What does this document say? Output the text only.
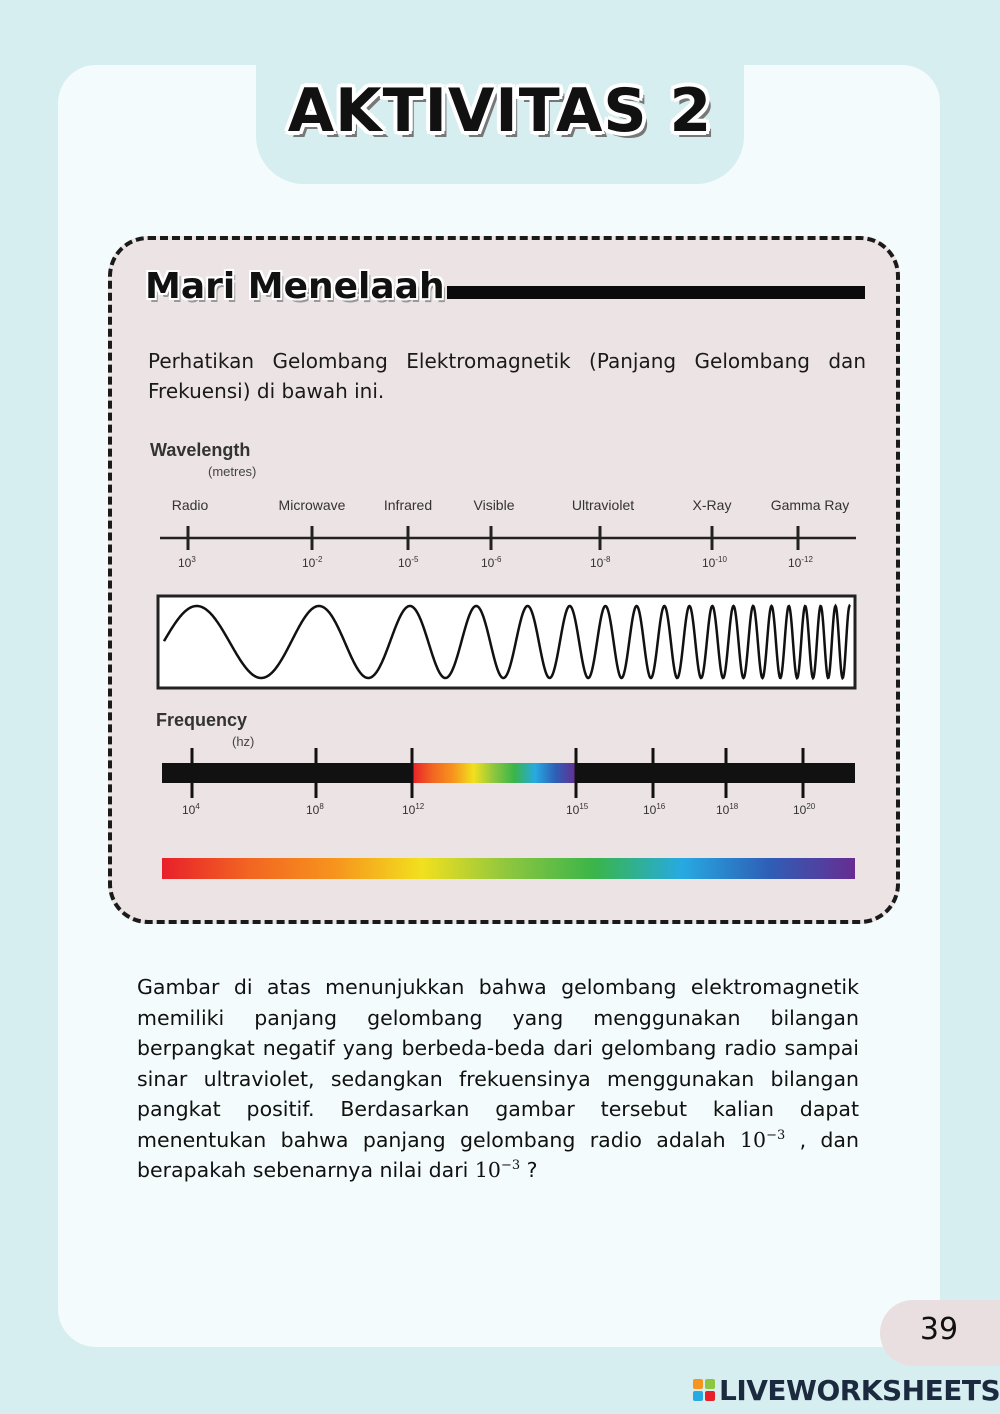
AKTIVITAS 2
Mari Menelaah
Perhatikan Gelombang Elektromagnetik (Panjang Gelombang dan Frekuensi) di bawah ini.
Wavelength
(metres)
Radio	Microwave	Infrared	Visible	Ultraviolet	X-Ray	Gamma Ray
$10^3$	$10^{-2}$	$10^{-5}$	$10^{-6}$	$10^{-8}$	$10^{-10}$	$10^{-12}$
Frequency
(hz)
$10^4$	$10^8$	$10^{12}$	$10^{15}$	$10^{16}$	$10^{18}$	$10^{20}$
Gambar di atas menunjukkan bahwa gelombang elektromagnetik memiliki panjang gelombang yang menggunakan bilangan berpangkat negatif yang berbeda-beda dari gelombang radio sampai sinar ultraviolet, sedangkan frekuensinya menggunakan bilangan pangkat positif. Berdasarkan gambar tersebut kalian dapat menentukan bahwa panjang gelombang radio adalah $10^{-3}$ , dan berapakah sebenarnya nilai dari $10^{-3}$ ?
39
LIVEWORKSHEETS
